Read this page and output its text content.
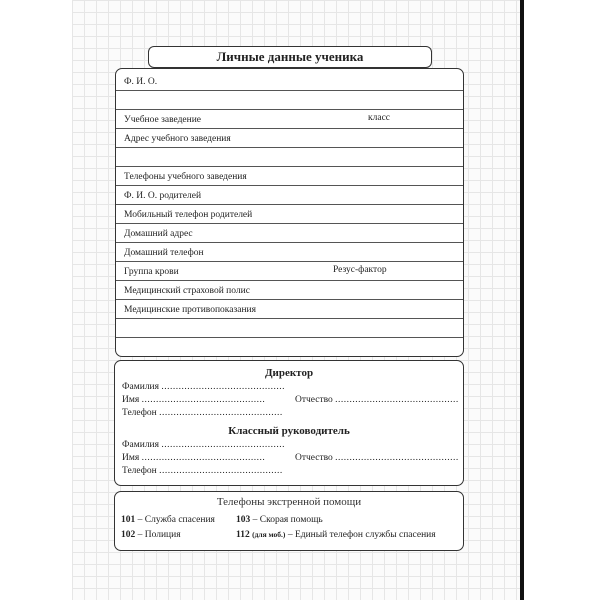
Личные данные ученика
Ф. И. О.
Учебное заведение	класс
Адрес учебного заведения
Телефоны учебного заведения
Ф. И. О. родителей
Мобильный телефон родителей
Домашний адрес
Домашний телефон
Группа крови	Резус-фактор
Медицинский страховой полис
Медицинские противопоказания
Директор
Фамилия ...........................................
Имя ...........................................	Отчество ...........................................
Телефон ...........................................
Классный руководитель
Фамилия ...........................................
Имя ...........................................	Отчество ...........................................
Телефон ...........................................
Телефоны экстренной помощи
101 – Служба спасения 103 – Скорая помощь
102 – Полиция	112 (для моб.) – Единый телефон службы спасения
